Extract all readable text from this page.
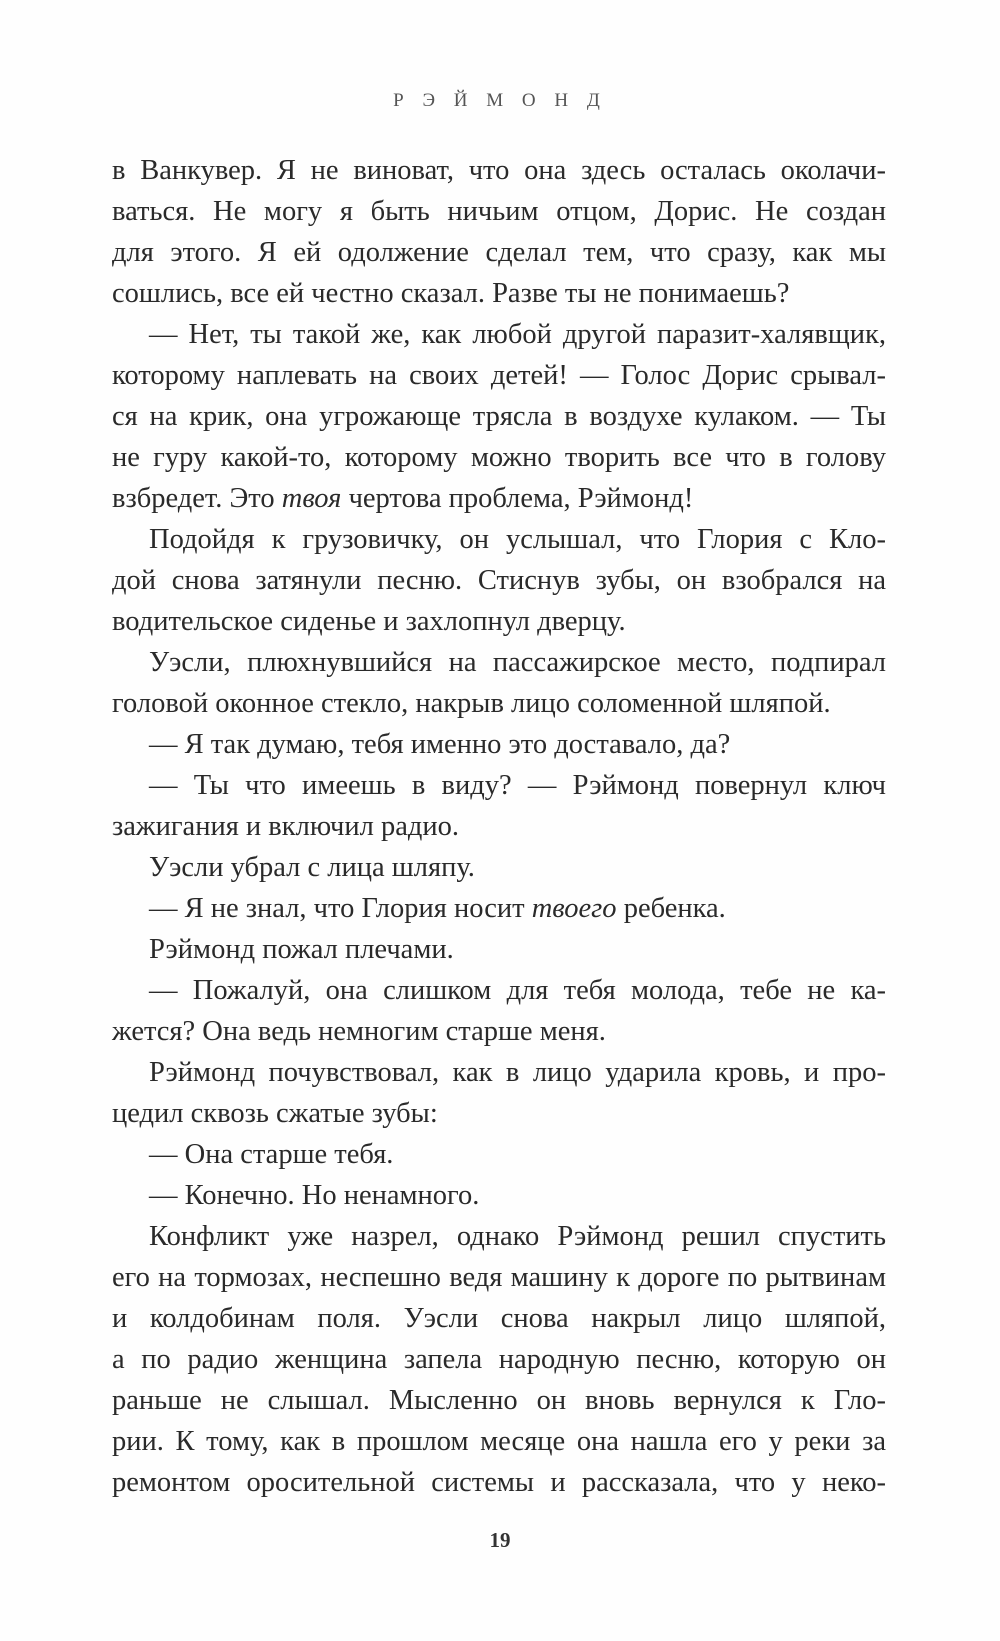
Р Э Й М О Н Д
в Ванкувер. Я не виноват, что она здесь осталась околачи-
ваться. Не могу я быть ничьим отцом, Дорис. Не создан
для этого. Я ей одолжение сделал тем, что сразу, как мы
сошлись, все ей честно сказал. Разве ты не понимаешь?
— Нет, ты такой же, как любой другой паразит-халявщик,
которому наплевать на своих детей! — Голос Дорис срывал-
ся на крик, она угрожающе трясла в воздухе кулаком. — Ты
не гуру какой-то, которому можно творить все что в голову
взбредет. Это твоя чертова проблема, Рэймонд!
Подойдя к грузовичку, он услышал, что Глория с Кло-
дой снова затянули песню. Стиснув зубы, он взобрался на
водительское сиденье и захлопнул дверцу.
Уэсли, плюхнувшийся на пассажирское место, подпирал
головой оконное стекло, накрыв лицо соломенной шляпой.
— Я так думаю, тебя именно это доставало, да?
— Ты что имеешь в виду? — Рэймонд повернул ключ
зажигания и включил радио.
Уэсли убрал с лица шляпу.
— Я не знал, что Глория носит твоего ребенка.
Рэймонд пожал плечами.
— Пожалуй, она слишком для тебя молода, тебе не ка-
жется? Она ведь немногим старше меня.
Рэймонд почувствовал, как в лицо ударила кровь, и про-
цедил сквозь сжатые зубы:
— Она старше тебя.
— Конечно. Но ненамного.
Конфликт уже назрел, однако Рэймонд решил спустить
его на тормозах, неспешно ведя машину к дороге по рытвинам
и колдобинам поля. Уэсли снова накрыл лицо шляпой,
а по радио женщина запела народную песню, которую он
раньше не слышал. Мысленно он вновь вернулся к Гло-
рии. К тому, как в прошлом месяце она нашла его у реки за
ремонтом оросительной системы и рассказала, что у неко-
19
